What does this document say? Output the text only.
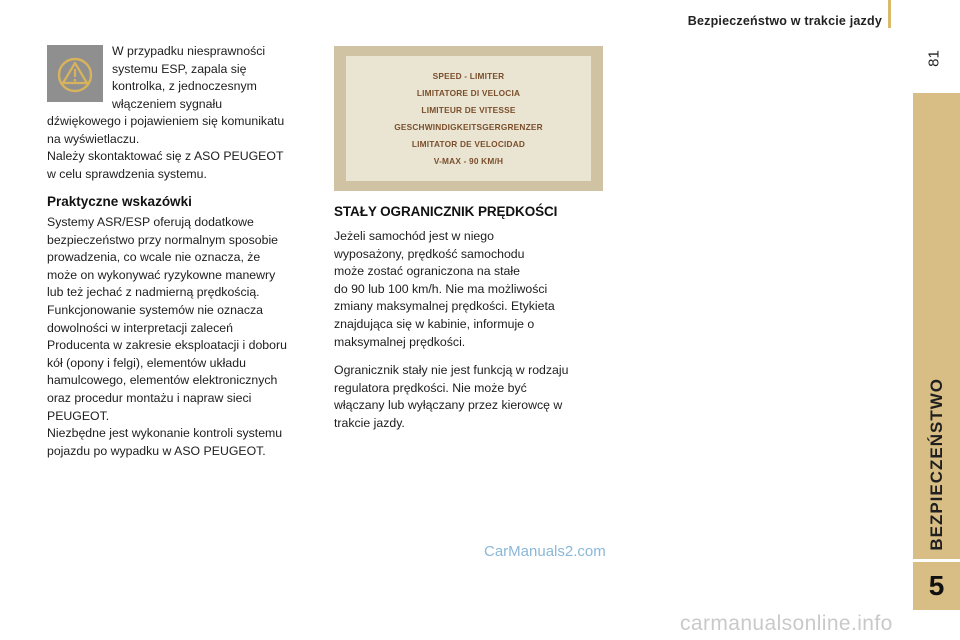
Bezpieczeństwo w trakcie jazdy
81
BEZPIECZEŃSTWO
5
W przypadku niesprawności
systemu ESP, zapala się
kontrolka, z jednoczesnym
włączeniem sygnału
dźwiękowego i pojawieniem się komunikatu
na wyświetlaczu.
Należy skontaktować się z ASO PEUGEOT
w celu sprawdzenia systemu.
Praktyczne wskazówki
Systemy ASR/ESP oferują dodatkowe
bezpieczeństwo przy normalnym sposobie
prowadzenia, co wcale nie oznacza, że
może on wykonywać ryzykowne manewry
lub też jechać z nadmierną prędkością.
Funkcjonowanie systemów nie oznacza
dowolności w interpretacji zaleceń
Producenta w zakresie eksploatacji i doboru
kół (opony i felgi), elementów układu
hamulcowego, elementów elektronicznych
oraz procedur montażu i napraw sieci
PEUGEOT.
Niezbędne jest wykonanie kontroli systemu
pojazdu po wypadku w ASO PEUGEOT.
SPEED - LIMITER
LIMITATORE DI VELOCIA
LIMITEUR DE VITESSE
GESCHWINDIGKEITSGERGRENZER
LIMITATOR DE VELOCIDAD
V-MAX - 90 KM/H
STAŁY OGRANICZNIK PRĘDKOŚCI
Jeżeli samochód jest w niego
wyposażony, prędkość samochodu
może zostać ograniczona na stałe
do 90 lub 100 km/h. Nie ma możliwości
zmiany maksymalnej prędkości. Etykieta
znajdująca się w kabinie, informuje o
maksymalnej prędkości.
Ogranicznik stały nie jest funkcją w rodzaju
regulatora prędkości. Nie może być
włączany lub wyłączany przez kierowcę w
trakcie jazdy.
CarManuals2.com
carmanualsonline.info
